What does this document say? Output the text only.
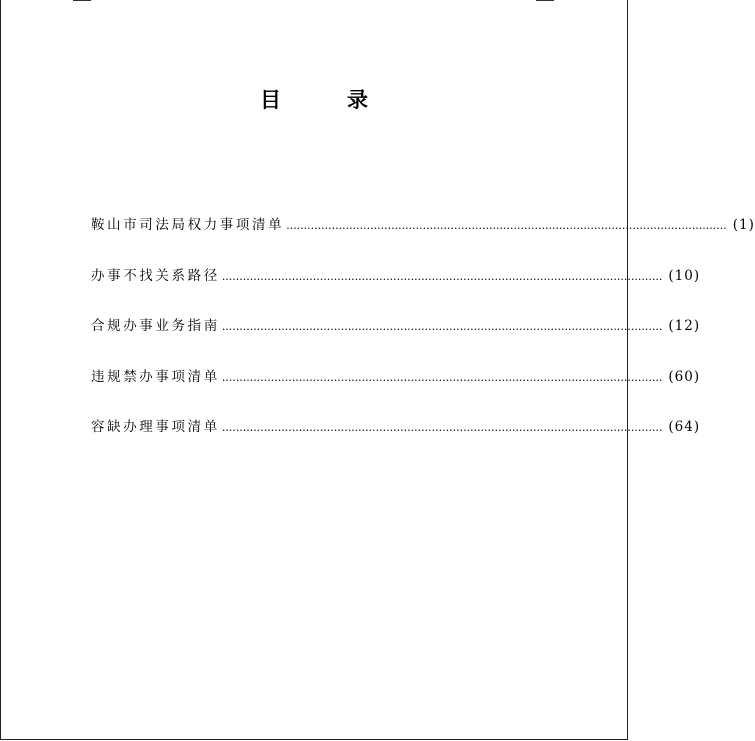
目	录
鞍山市司法局权力事项清单 .............................................................................................................................. (1)
办事不找关系路径 .............................................................................................................................. (10)
合规办事业务指南 .............................................................................................................................. (12)
违规禁办事项清单 .............................................................................................................................. (60)
容缺办理事项清单 .............................................................................................................................. (64)
